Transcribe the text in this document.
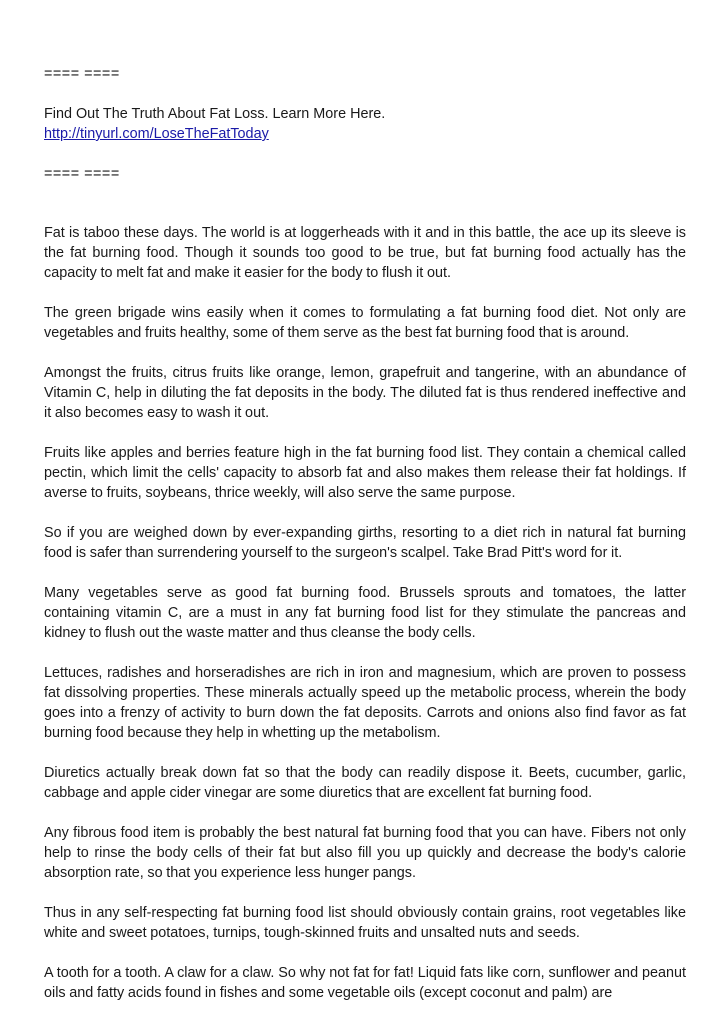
==== ====
Find Out The Truth About Fat Loss. Learn More Here.
http://tinyurl.com/LoseTheFatToday
==== ====

Fat is taboo these days. The world is at loggerheads with it and in this battle, the ace up its sleeve is the fat burning food. Though it sounds too good to be true, but fat burning food actually has the capacity to melt fat and make it easier for the body to flush it out.

The green brigade wins easily when it comes to formulating a fat burning food diet. Not only are vegetables and fruits healthy, some of them serve as the best fat burning food that is around.

Amongst the fruits, citrus fruits like orange, lemon, grapefruit and tangerine, with an abundance of Vitamin C, help in diluting the fat deposits in the body. The diluted fat is thus rendered ineffective and it also becomes easy to wash it out.

Fruits like apples and berries feature high in the fat burning food list. They contain a chemical called pectin, which limit the cells' capacity to absorb fat and also makes them release their fat holdings. If averse to fruits, soybeans, thrice weekly, will also serve the same purpose.

So if you are weighed down by ever-expanding girths, resorting to a diet rich in natural fat burning food is safer than surrendering yourself to the surgeon's scalpel. Take Brad Pitt's word for it.

Many vegetables serve as good fat burning food. Brussels sprouts and tomatoes, the latter containing vitamin C, are a must in any fat burning food list for they stimulate the pancreas and kidney to flush out the waste matter and thus cleanse the body cells.

Lettuces, radishes and horseradishes are rich in iron and magnesium, which are proven to possess fat dissolving properties. These minerals actually speed up the metabolic process, wherein the body goes into a frenzy of activity to burn down the fat deposits. Carrots and onions also find favor as fat burning food because they help in whetting up the metabolism.

Diuretics actually break down fat so that the body can readily dispose it. Beets, cucumber, garlic, cabbage and apple cider vinegar are some diuretics that are excellent fat burning food.

Any fibrous food item is probably the best natural fat burning food that you can have. Fibers not only help to rinse the body cells of their fat but also fill you up quickly and decrease the body's calorie absorption rate, so that you experience less hunger pangs.

Thus in any self-respecting fat burning food list should obviously contain grains, root vegetables like white and sweet potatoes, turnips, tough-skinned fruits and unsalted nuts and seeds.

A tooth for a tooth. A claw for a claw. So why not fat for fat! Liquid fats like corn, sunflower and peanut oils and fatty acids found in fishes and some vegetable oils (except coconut and palm) are
